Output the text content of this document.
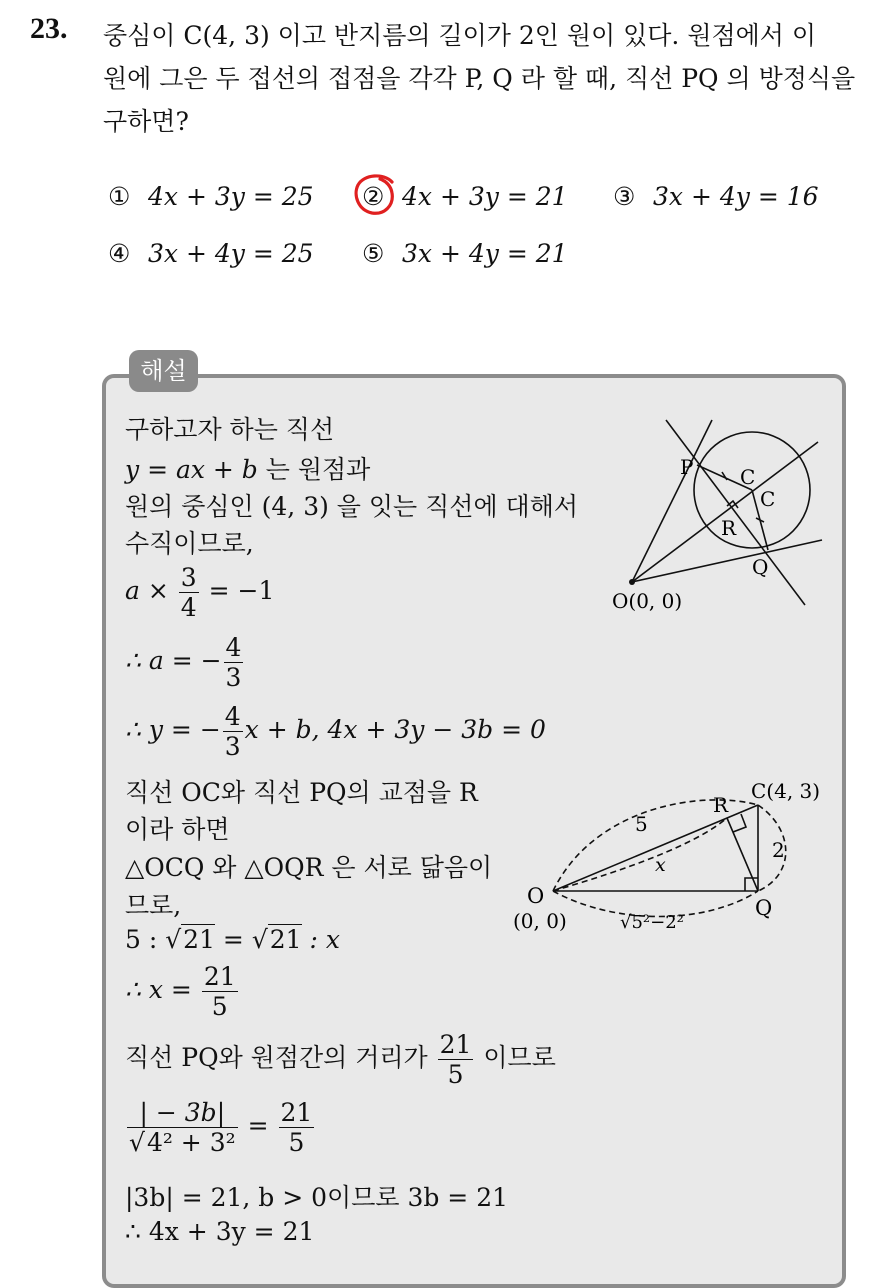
23. 중심이 C(4, 3) 이고 반지름의 길이가 2인 원이 있다. 원점에서 이
원에 그은 두 접선의 접점을 각각 P, Q 라 할 때, 직선 PQ 의 방정식을
구하면?
① 4x + 3y = 25 ② 4x + 3y = 21 ③ 3x + 4y = 16
④ 3x + 4y = 25 ⑤ 3x + 4y = 21
해설
구하고자 하는 직선
y = ax + b 는 원점과
원의 중심인 (4, 3) 을 잇는 직선에 대해서
수직이므로,
$a \times \frac{3}{4} = -1$
∴ a = − $\frac{4}{3}$
∴ y = − $\frac{4}{3}$ x + b, 4x + 3y − 3b = 0
직선 OC와 직선 PQ의 교점을 R
이라 하면
△OCQ 와 △OQR 은 서로 닮음이
므로,
5 : √21 = √21 : x
∴ $x = \frac{21}{5}$
직선 PQ와 원점간의 거리가 $\frac{21}{5}$ 이므로
$\frac{| - 3b|}{\text{√4² + 3²}} = \frac{21}{5}$
|3b| = 21, b > 0이므로 3b = 21
∴ 4x + 3y = 21
P C
C
R
Q
O(0, 0)
O
(0, 0)
R
C(4, 3)
Q
5
2
x
√5²−2²
